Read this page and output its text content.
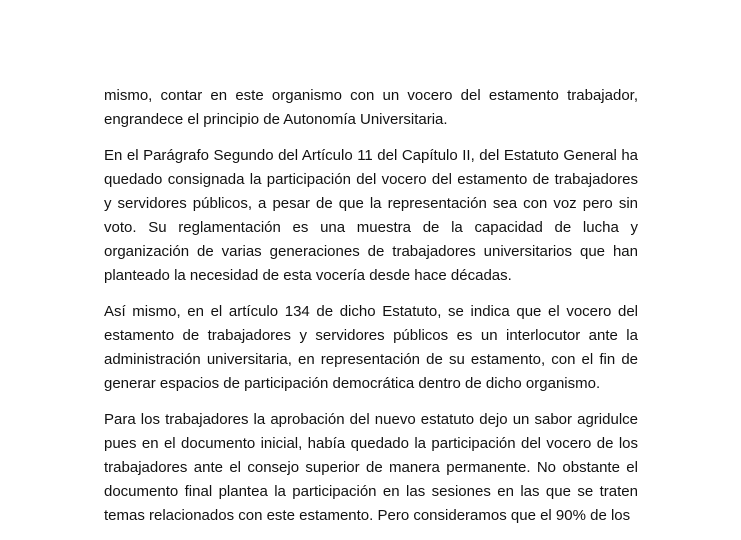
mismo, contar en este organismo con un vocero del estamento trabajador, engrandece el principio de Autonomía Universitaria.

En el Parágrafo Segundo del Artículo 11 del Capítulo II, del Estatuto General ha quedado consignada la participación del vocero del estamento de trabajadores y servidores públicos, a pesar de que la representación sea con voz pero sin voto. Su reglamentación es una muestra de la capacidad de lucha y organización de varias generaciones de trabajadores universitarios que han planteado la necesidad de esta vocería desde hace décadas.

Así mismo, en el artículo 134 de dicho Estatuto, se indica que el vocero del estamento de trabajadores y servidores públicos es un interlocutor ante la administración universitaria, en representación de su estamento, con el fin de generar espacios de participación democrática dentro de dicho organismo.

Para los trabajadores la aprobación del nuevo estatuto dejo un sabor agridulce pues en el documento inicial, había quedado la participación del vocero de los trabajadores ante el consejo superior de manera permanente. No obstante el documento final plantea la participación en las sesiones en las que se traten temas relacionados con este estamento. Pero consideramos que el 90% de los
